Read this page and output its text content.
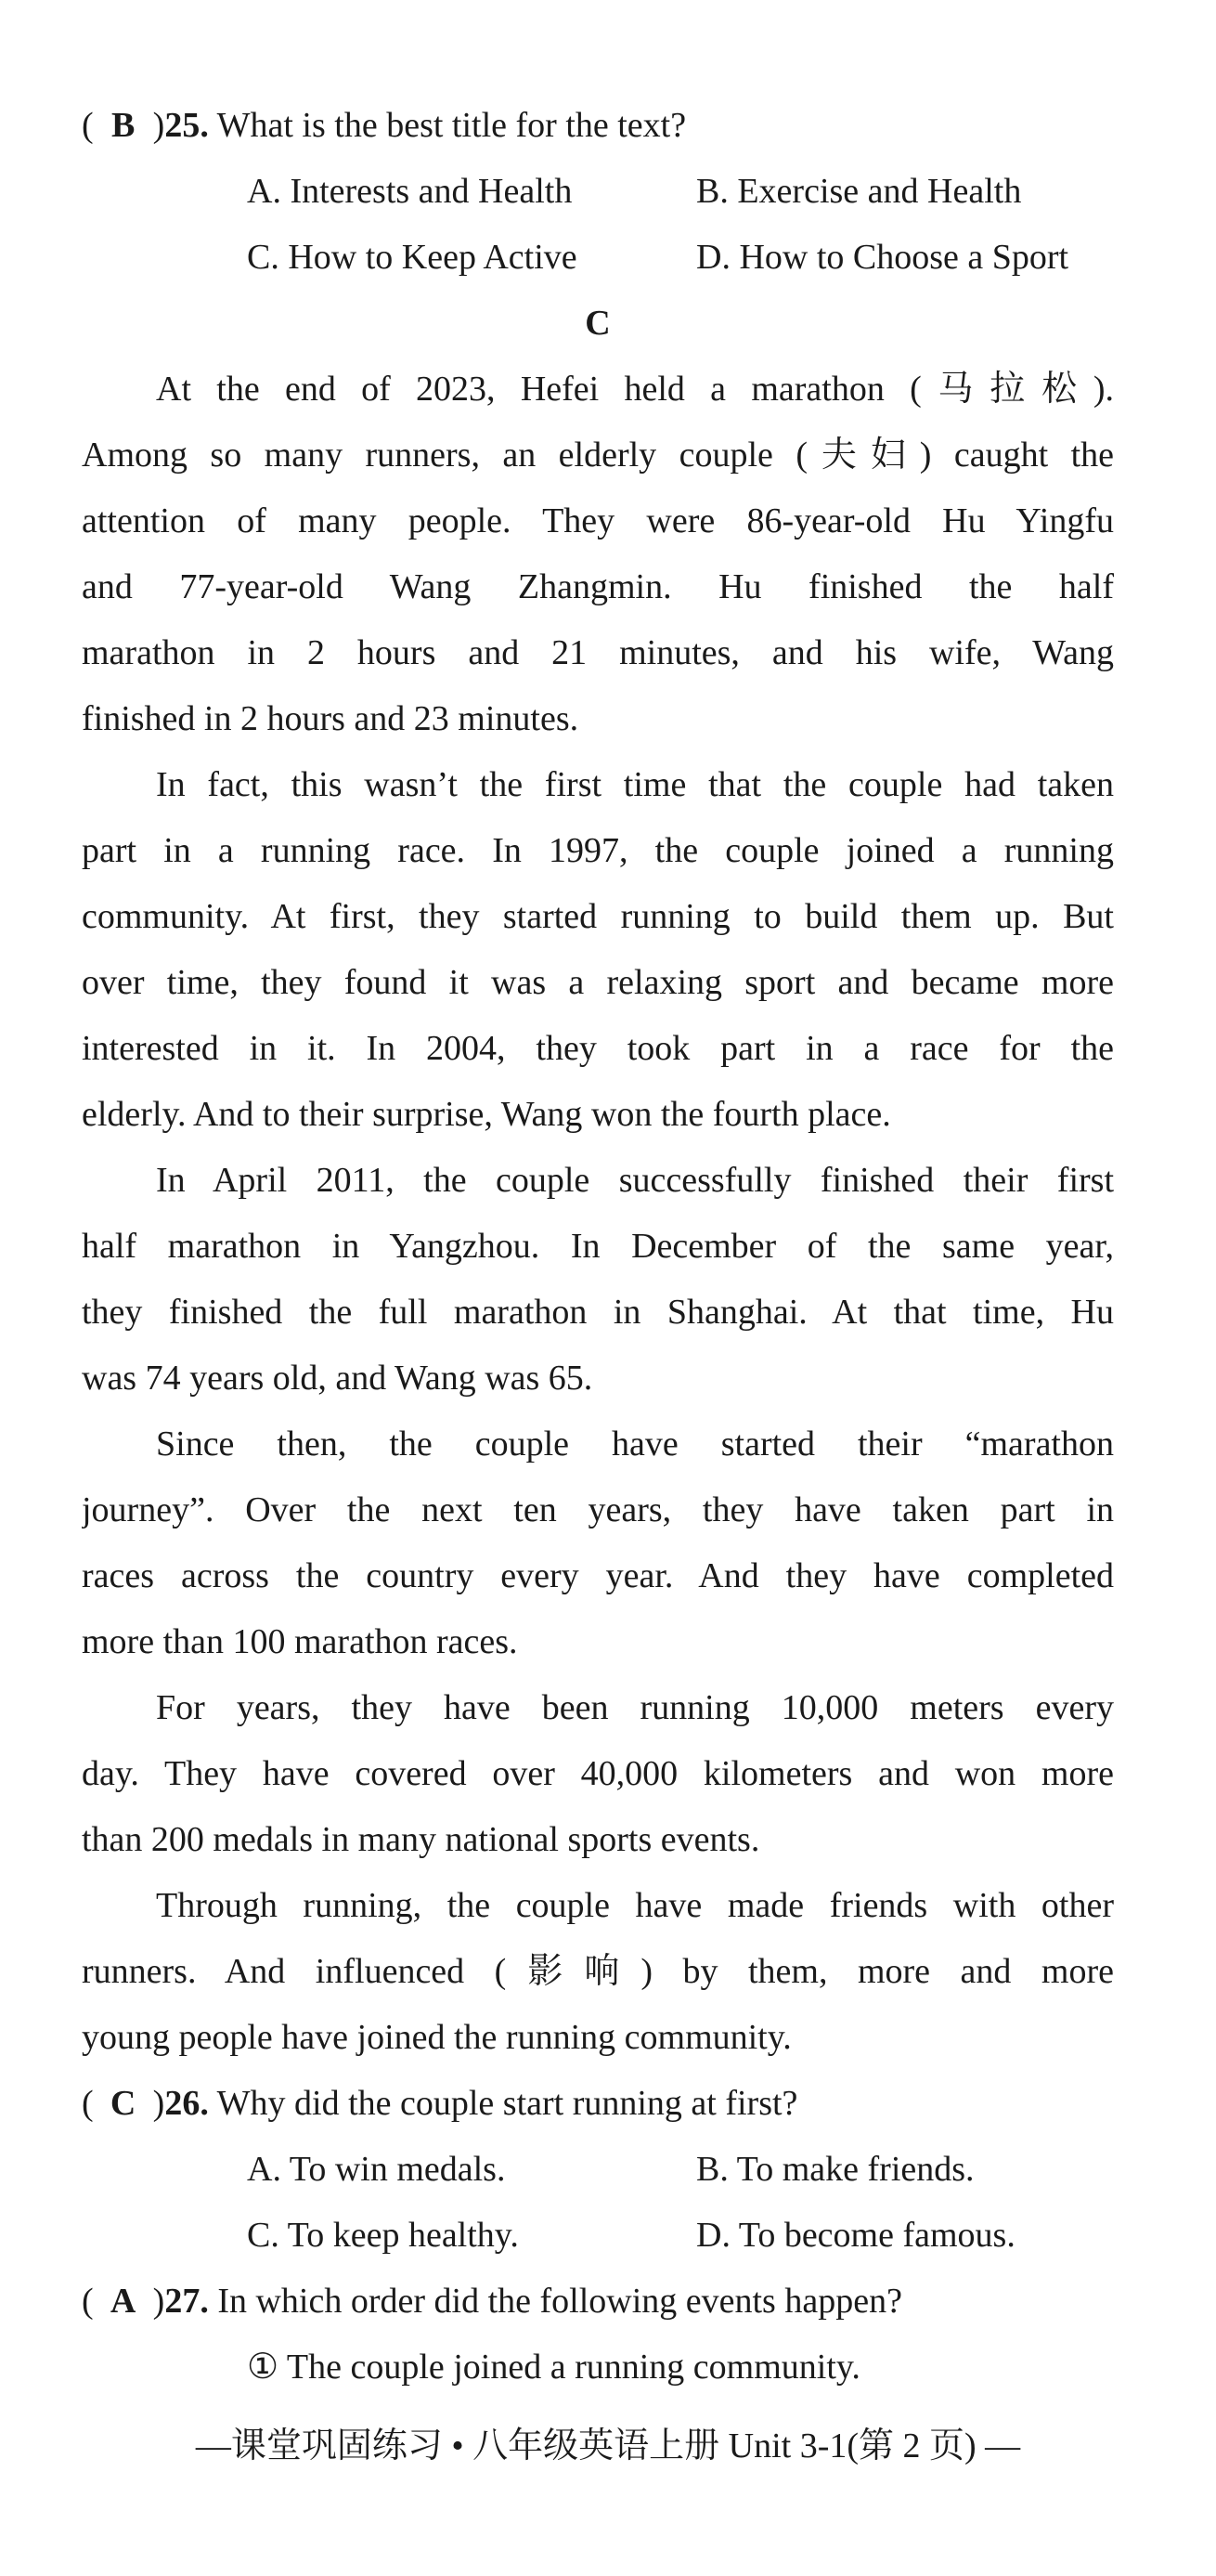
( B )25. What is the best title for the text?
A. Interests and Health	B. Exercise and Health
C. How to Keep Active	D. How to Choose a Sport
C
At the end of 2023, Hefei held a marathon (马拉松).
Among so many runners, an elderly couple (夫妇) caught the
attention of many people. They were 86-year-old Hu Yingfu
and 77-year-old Wang Zhangmin. Hu finished the half
marathon in 2 hours and 21 minutes, and his wife, Wang
finished in 2 hours and 23 minutes.
In fact, this wasn’t the first time that the couple had taken
part in a running race. In 1997, the couple joined a running
community. At first, they started running to build them up. But
over time, they found it was a relaxing sport and became more
interested in it. In 2004, they took part in a race for the
elderly. And to their surprise, Wang won the fourth place.
In April 2011, the couple successfully finished their first
half marathon in Yangzhou. In December of the same year,
they finished the full marathon in Shanghai. At that time, Hu
was 74 years old, and Wang was 65.
Since then, the couple have started their “marathon
journey”. Over the next ten years, they have taken part in
races across the country every year. And they have completed
more than 100 marathon races.
For years, they have been running 10,000 meters every
day. They have covered over 40,000 kilometers and won more
than 200 medals in many national sports events.
Through running, the couple have made friends with other
runners. And influenced (影响) by them, more and more
young people have joined the running community.
( C )26. Why did the couple start running at first?
A. To win medals.	B. To make friends.
C. To keep healthy.	D. To become famous.
( A )27. In which order did the following events happen?
① The couple joined a running community.
—课堂巩固练习 • 八年级英语上册 Unit 3-1(第 2 页) —
